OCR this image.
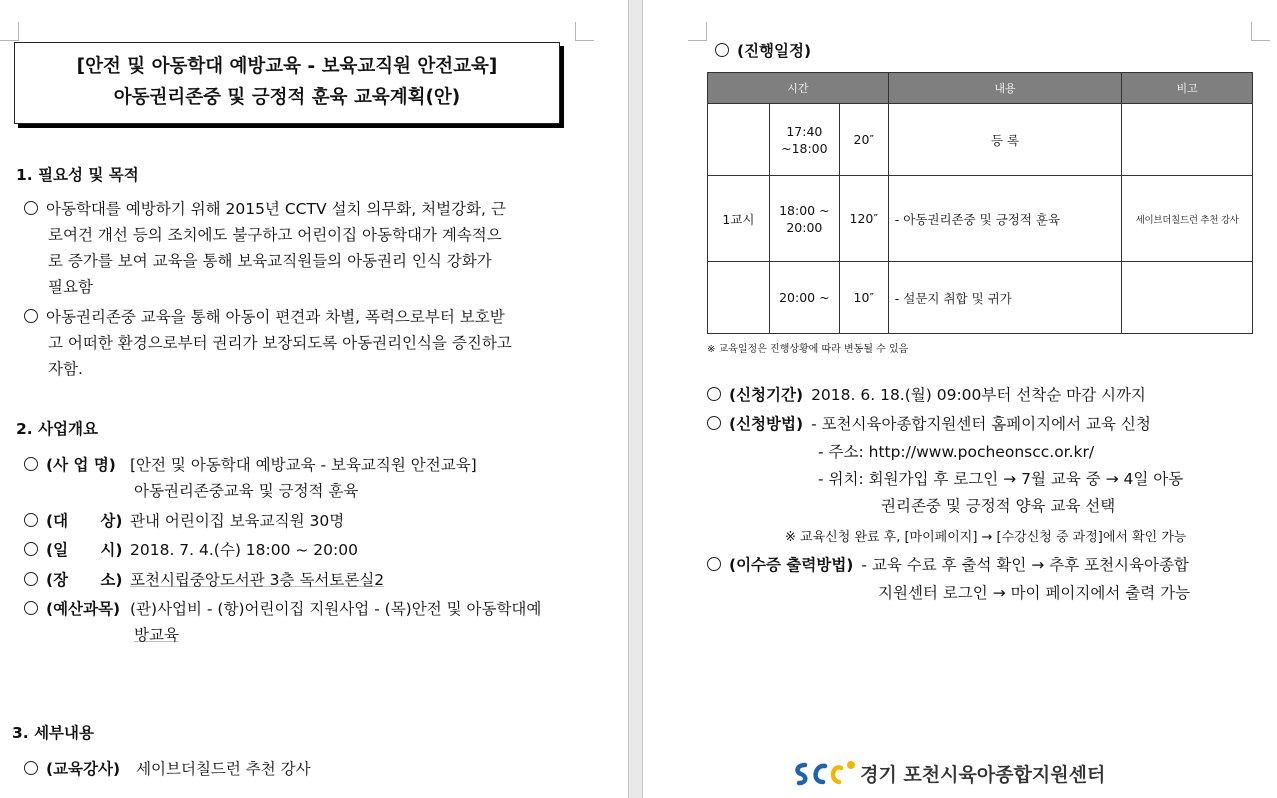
[안전 및 아동학대 예방교육 - 보육교직원 안전교육]
아동권리존중 및 긍정적 훈육 교육계획(안)
1. 필요성 및 목적
아동학대를 예방하기 위해 2015년 CCTV 설치 의무화, 처벌강화, 근
로여건 개선 등의 조치에도 불구하고 어린이집 아동학대가 계속적으
로 증가를 보여 교육을 통해 보육교직원들의 아동권리 인식 강화가
필요함
아동권리존중 교육을 통해 아동이 편견과 차별, 폭력으로부터 보호받
고 어떠한 환경으로부터 권리가 보장되도록 아동권리인식을 증진하고
자함.
2. 사업개요
(사 업 명) [안전 및 아동학대 예방교육 - 보육교직원 안전교육]
아동권리존중교육 및 긍정적 훈육
(대      상) 관내 어린이집 보육교직원 30명
(일      시) 2018. 7. 4.(수) 18:00 ~ 20:00
(장      소) 포천시립중앙도서관 3층 독서토론실2
(예산과목) (관)사업비 - (항)어린이집 지원사업 - (목)안전 및 아동학대예
방교육
3. 세부내용
(교육강사) 세이브더칠드런 추천 강사
(진행일정)
시간			내용	비고
	17:40
~18:00	20″	등 록	
1교시	18:00 ~
20:00	120″	- 아동권리존중 및 긍정적 훈육	세이브더칠드런 추천 강사
	20:00 ~	10″	- 설문지 취합 및 귀가	
※ 교육일정은 진행상황에 따라 변동될 수 있음
(신청기간) 2018. 6. 18.(월) 09:00부터 선착순 마감 시까지
(신청방법) - 포천시육아종합지원센터 홈페이지에서 교육 신청
- 주소: http://www.pocheonscc.or.kr/
- 위치: 회원가입 후 로그인 → 7월 교육 중 → 4일 아동
권리존중 및 긍정적 양육 교육 선택
※ 교육신청 완료 후, [마이페이지] → [수강신청 중 과정]에서 확인 가능
(이수증 출력방법) - 교육 수료 후 출석 확인 → 추후 포천시육아종합
지원센터 로그인 → 마이 페이지에서 출력 가능
경기 포천시육아종합지원센터
